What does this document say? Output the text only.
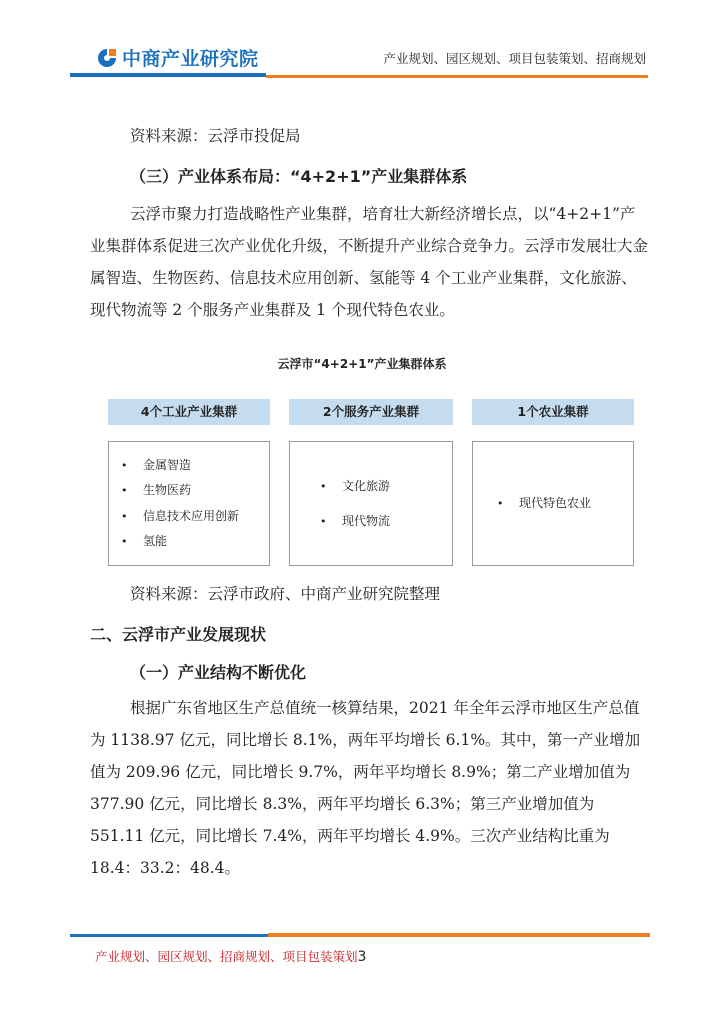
中商产业研究院	产业规划、园区规划、项目包装策划、招商规划
资料来源：云浮市投促局
（三）产业体系布局：“4+2+1”产业集群体系
云浮市聚力打造战略性产业集群，培育壮大新经济增长点，以“4+2+1”产业集群体系促进三次产业优化升级，不断提升产业综合竞争力。云浮市发展壮大金属智造、生物医药、信息技术应用创新、氢能等 4 个工业产业集群，文化旅游、现代物流等 2 个服务产业集群及 1 个现代特色农业。
云浮市“4+2+1”产业集群体系
4个工业产业集群	2个服务产业集群	1个农业集群
• 金属智造
• 生物医药
• 信息技术应用创新
• 氢能
• 文化旅游
• 现代物流
• 现代特色农业
资料来源：云浮市政府、中商产业研究院整理
二、云浮市产业发展现状
（一）产业结构不断优化
根据广东省地区生产总值统一核算结果，2021 年全年云浮市地区生产总值为 1138.97 亿元，同比增长 8.1%，两年平均增长 6.1%。其中，第一产业增加值为 209.96 亿元，同比增长 9.7%，两年平均增长 8.9%；第二产业增加值为 377.90 亿元，同比增长 8.3%，两年平均增长 6.3%；第三产业增加值为 551.11 亿元，同比增长 7.4%，两年平均增长 4.9%。三次产业结构比重为 18.4：33.2：48.4。
产业规划、园区规划、招商规划、项目包装策划3
